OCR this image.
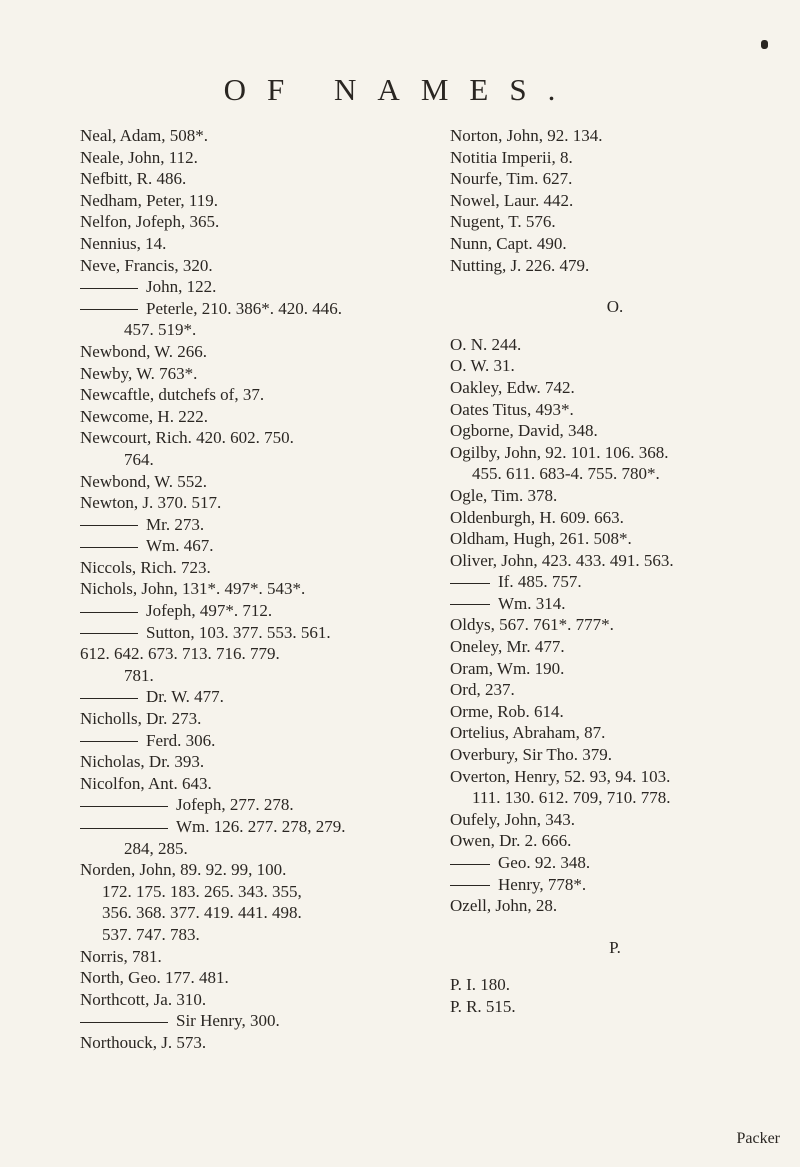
OF NAMES.
Neal, Adam, 508*.
Neale, John, 112.
Nefbitt, R. 486.
Nedham, Peter, 119.
Nelfon, Jofeph, 365.
Nennius, 14.
Neve, Francis, 320.
John, 122.
Peterle, 210. 386*. 420. 446.
457. 519*.
Newbond, W. 266.
Newby, W. 763*.
Newcaftle, dutchefs of, 37.
Newcome, H. 222.
Newcourt, Rich. 420. 602. 750.
764.
Newbond, W. 552.
Newton, J. 370. 517.
Mr. 273.
Wm. 467.
Niccols, Rich. 723.
Nichols, John, 131*. 497*. 543*.
Jofeph, 497*. 712.
Sutton, 103. 377. 553. 561.
612. 642. 673. 713. 716. 779.
781.
Dr. W. 477.
Nicholls, Dr. 273.
Ferd. 306.
Nicholas, Dr. 393.
Nicolfon, Ant. 643.
Jofeph, 277. 278.
Wm. 126. 277. 278, 279.
284, 285.
Norden, John, 89. 92. 99, 100.
172. 175. 183. 265. 343. 355,
356. 368. 377. 419. 441. 498.
537. 747. 783.
Norris, 781.
North, Geo. 177. 481.
Northcott, Ja. 310.
Sir Henry, 300.
Northouck, J. 573.
Norton, John, 92. 134.
Notitia Imperii, 8.
Nourfe, Tim. 627.
Nowel, Laur. 442.
Nugent, T. 576.
Nunn, Capt. 490.
Nutting, J. 226. 479.
O.
O. N. 244.
O. W. 31.
Oakley, Edw. 742.
Oates Titus, 493*.
Ogborne, David, 348.
Ogilby, John, 92. 101. 106. 368.
455. 611. 683-4. 755. 780*.
Ogle, Tim. 378.
Oldenburgh, H. 609. 663.
Oldham, Hugh, 261. 508*.
Oliver, John, 423. 433. 491. 563.
If. 485. 757.
Wm. 314.
Oldys, 567. 761*. 777*.
Oneley, Mr. 477.
Oram, Wm. 190.
Ord, 237.
Orme, Rob. 614.
Ortelius, Abraham, 87.
Overbury, Sir Tho. 379.
Overton, Henry, 52. 93, 94. 103.
111. 130. 612. 709, 710. 778.
Oufely, John, 343.
Owen, Dr. 2. 666.
Geo. 92. 348.
Henry, 778*.
Ozell, John, 28.
P.
P. I. 180.
P. R. 515.
Packer
